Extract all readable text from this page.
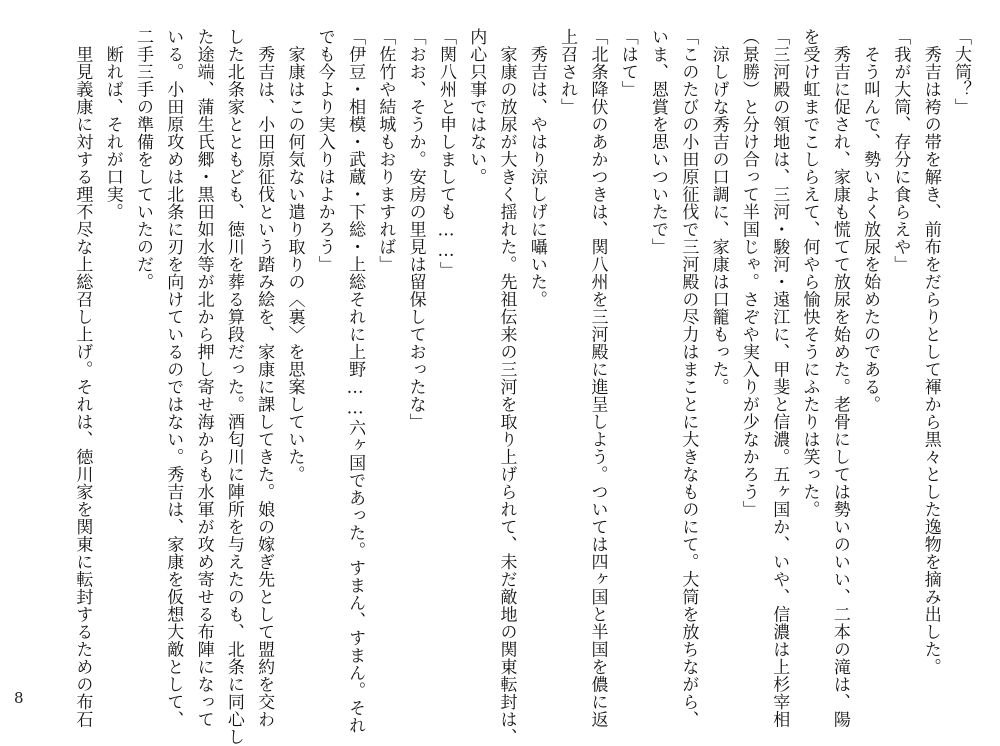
「大筒？」
　秀吉は袴の帯を解き、前布をだらりとして褌から黒々とした逸物を摘み出した。
「我が大筒、存分に食らえや」
　そう叫んで、勢いよく放尿を始めたのである。
　秀吉に促され、家康も慌てて放尿を始めた。老骨にしては勢いのいい、二本の滝は、陽
を受け虹までこしらえて、何やら愉快そうにふたりは笑った。
「三河殿の領地は、三河・駿河・遠江に、甲斐と信濃。五ヶ国か、いや、信濃は上杉宰相
（景勝）と分け合って半国じゃ。さぞや実入りが少なかろう」
　涼しげな秀吉の口調に、家康は口籠もった。
「このたびの小田原征伐で三河殿の尽力はまことに大きなものにて。大筒を放ちながら、
いま、恩賞を思いついたで」
「はて」
「北条降伏のあかつきは、関八州を三河殿に進呈しよう。ついては四ヶ国と半国を儂に返
上召され」
　秀吉は、やはり涼しげに囁いた。
　家康の放尿が大きく揺れた。先祖伝来の三河を取り上げられて、未だ敵地の関東転封は、
内心只事ではない。
「関八州と申しましても……」
「おお、そうか。安房の里見は留保しておったな」
「佐竹や結城もおりますれば」
「伊豆・相模・武蔵・下総・上総それに上野……六ヶ国であった。すまん、すまん。それ
でも今より実入りはよかろう」
　家康はこの何気ない遣り取りの〈裏〉を思案していた。
　秀吉は、小田原征伐という踏み絵を、家康に課してきた。娘の嫁ぎ先として盟約を交わ
した北条家とともども、徳川を葬る算段だった。酒匂川に陣所を与えたのも、北条に同心し
た途端、蒲生氏郷・黒田如水等が北から押し寄せ海からも水軍が攻め寄せる布陣になって
いる。小田原攻めは北条に刃を向けているのではない。秀吉は、家康を仮想大敵として、
二手三手の準備をしていたのだ。
　断れば、それが口実。
　里見義康に対する理不尽な上総召し上げ。それは、徳川家を関東に転封するための布石
8
